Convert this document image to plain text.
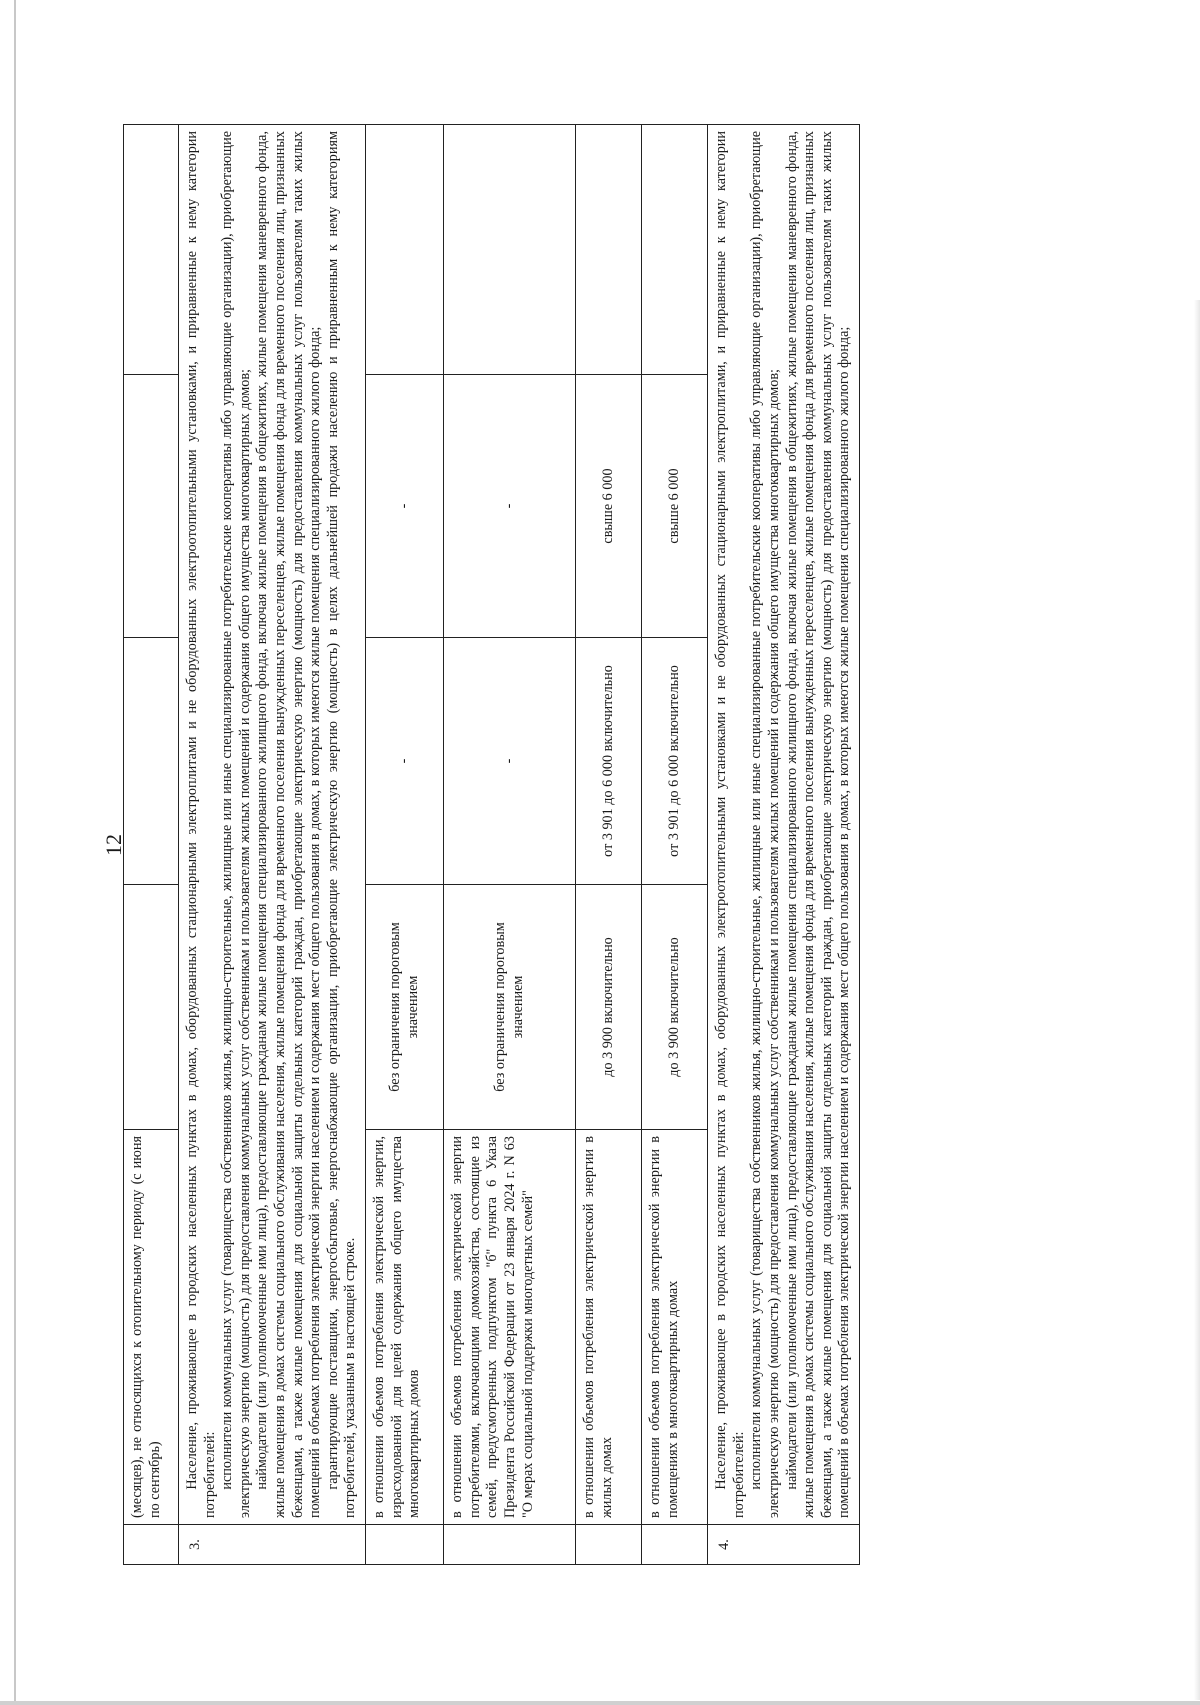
12
	(месяцев), не относящихся к отопительному периоду (с июня по сентябрь)				
3.	Население, проживающее в городских населенных пунктах в домах, оборудованных стационарными электроплитами и не оборудованных электроотопительными установками, и приравненные к нему категории потребителей: исполнители коммунальных услуг (товарищества собственников жилья, жилищно-строительные, жилищные или иные специализированные потребительские кооперативы либо управляющие организации), приобретающие электрическую энергию (мощность) для предоставления коммунальных услуг собственникам и пользователям жилых помещений и содержания общего имущества многоквартирных домов; наймодатели (или уполномоченные ими лица), предоставляющие гражданам жилые помещения специализированного жилищного фонда, включая жилые помещения в общежитиях, жилые помещения маневренного фонда, жилые помещения в домах системы социального обслуживания населения, жилые помещения фонда для временного поселения вынужденных переселенцев, жилые помещения фонда для временного поселения лиц, признанных беженцами, а также жилые помещения для социальной защиты отдельных категорий граждан, приобретающие электрическую энергию (мощность) для предоставления коммунальных услуг пользователям таких жилых помещений в объемах потребления электрической энергии населением и содержания мест общего пользования в домах, в которых имеются жилые помещения специализированного жилого фонда; гарантирующие поставщики, энергосбытовые, энергоснабжающие организации, приобретающие электрическую энергию (мощность) в целях дальнейшей продажи населению и приравненным к нему категориям потребителей, указанным в настоящей строке.				

	в отношении объемов потребления электрической энергии, израсходованной для целей содержания общего имущества многоквартирных домов	без ограничения пороговым значением	-	-	
	в отношении объемов потребления электрической энергии потребителями, включающими домохозяйства, состоящие из семей, предусмотренных подпунктом "б" пункта 6 Указа Президента Российской Федерации от 23 января 2024 г. N 63 "О мерах социальной поддержки многодетных семей"	без ограничения пороговым значением	-	-	
	в отношении объемов потребления электрической энергии в жилых домах	до 3 900 включительно	от 3 901 до 6 000 включительно	свыше 6 000	
	в отношении объемов потребления электрической энергии в помещениях в многоквартирных домах	до 3 900 включительно	от 3 901 до 6 000 включительно	свыше 6 000	
4.	Население, проживающее в городских населенных пунктах в домах, оборудованных электроотопительными установками и не оборудованных стационарными электроплитами, и приравненные к нему категории потребителей: исполнители коммунальных услуг (товарищества собственников жилья, жилищно-строительные, жилищные или иные специализированные потребительские кооперативы либо управляющие организации), приобретающие электрическую энергию (мощность) для предоставления коммунальных услуг собственникам и пользователям жилых помещений и содержания общего имущества многоквартирных домов; наймодатели (или уполномоченные ими лица), предоставляющие гражданам жилые помещения специализированного жилищного фонда, включая жилые помещения в общежитиях, жилые помещения маневренного фонда, жилые помещения в домах системы социального обслуживания населения, жилые помещения фонда для временного поселения вынужденных переселенцев, жилые помещения фонда для временного поселения лиц, признанных беженцами, а также жилые помещения для социальной защиты отдельных категорий граждан, приобретающие электрическую энергию (мощность) для предоставления коммунальных услуг пользователям таких жилых помещений в объемах потребления электрической энергии населением и содержания мест общего пользования в домах, в которых имеются жилые помещения специализированного жилого фонда;				
